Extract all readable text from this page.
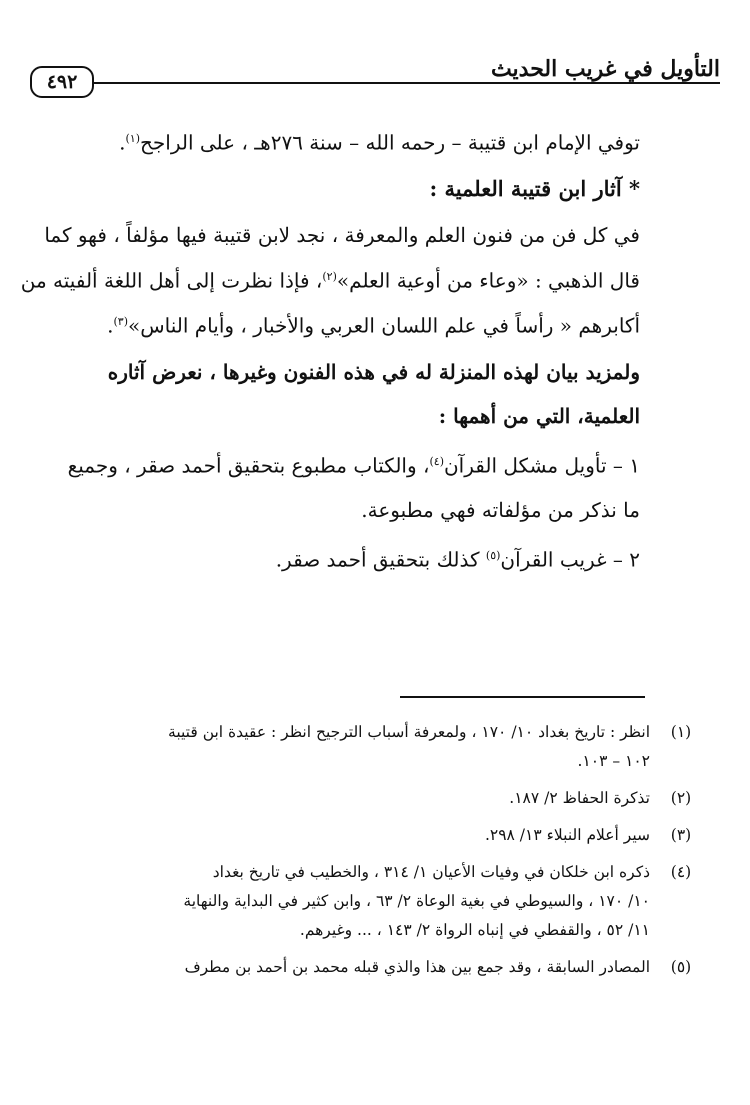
التأويل في غريب الحديث
٤٩٢

توفي الإمام ابن قتيبة – رحمه الله – سنة ٢٧٦هـ ، على الراجح$^{(١)}$.

* آثار ابن قتيبة العلمية :

في كل فن من فنون العلم والمعرفة ، نجد لابن قتيبة فيها مؤلفاً ، فهو كما

قال الذهبي : «وعاء من أوعية العلم»$^{(٢)}$، فإذا نظرت إلى أهل اللغة ألفيته من

أكابرهم « رأساً في علم اللسان العربي والأخبار ، وأيام الناس»$^{(٣)}$.

ولمزيد بيان لهذه المنزلة له في هذه الفنون وغيرها ، نعرض آثاره

العلمية، التي من أهمها :

١ – تأويل مشكل القرآن$^{(٤)}$، والكتاب مطبوع بتحقيق أحمد صقر ، وجميع

ما نذكر من مؤلفاته فهي مطبوعة.

٢ – غريب القرآن$^{(٥)}$ كذلك بتحقيق أحمد صقر.

(١)
انظر : تاريخ بغداد ١٠/ ١٧٠ ، ولمعرفة أسباب الترجيح انظر : عقيدة ابن قتيبة
١٠٢ – ١٠٣.
(٢)
تذكرة الحفاظ ٢/ ١٨٧.
(٣)
سير أعلام النبلاء ١٣/ ٢٩٨.
(٤)
ذكره ابن خلكان في وفيات الأعيان ١/ ٣١٤ ، والخطيب في تاريخ بغداد
١٠/ ١٧٠ ، والسيوطي في بغية الوعاة ٢/ ٦٣ ، وابن كثير في البداية والنهاية
١١/ ٥٢ ، والقفطي في إنباه الرواة ٢/ ١٤٣ ، ... وغيرهم.
(٥)
المصادر السابقة ، وقد جمع بين هذا والذي قبله محمد بن أحمد بن مطرف
